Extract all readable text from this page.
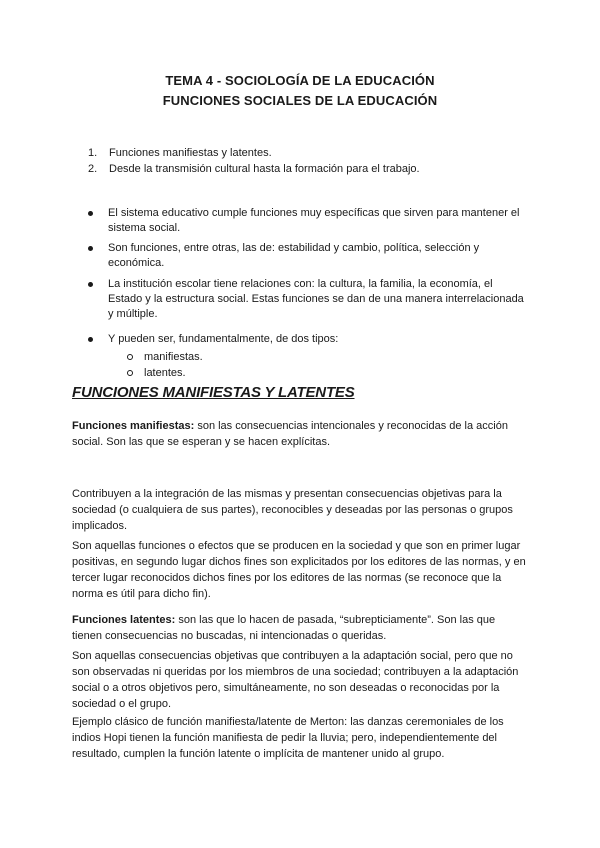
TEMA 4 - SOCIOLOGÍA DE LA EDUCACIÓN
FUNCIONES SOCIALES DE LA EDUCACIÓN
1.	Funciones manifiestas y latentes.
2.	Desde la transmisión cultural hasta la formación para el trabajo.
El sistema educativo cumple funciones muy específicas que sirven para mantener el sistema social.
Son funciones, entre otras, las de: estabilidad y cambio, política, selección y económica.
La institución escolar tiene relaciones con: la cultura, la familia, la economía, el Estado y la estructura social. Estas funciones se dan de una manera interrelacionada y múltiple.
Y pueden ser, fundamentalmente, de dos tipos:
manifiestas.
latentes.
FUNCIONES MANIFIESTAS Y LATENTES
Funciones manifiestas: son las consecuencias intencionales y reconocidas de la acción social. Son las que se esperan y se hacen explícitas.
Contribuyen a la integración de las mismas y presentan consecuencias objetivas para la sociedad (o cualquiera de sus partes), reconocibles y deseadas por las personas o grupos implicados.
Son aquellas funciones o efectos que se producen en la sociedad y que son en primer lugar positivas, en segundo lugar dichos fines son explicitados por los editores de las normas, y en tercer lugar reconocidos dichos fines por los editores de las normas (se reconoce que la norma es útil para dicho fin).
Funciones latentes: son las que lo hacen de pasada, “subrepticiamente”. Son las que tienen consecuencias no buscadas, ni intencionadas o queridas.
Son aquellas consecuencias objetivas que contribuyen a la adaptación social, pero que no son observadas ni queridas por los miembros de una sociedad; contribuyen a la adaptación social o a otros objetivos pero, simultáneamente, no son deseadas o reconocidas por la sociedad o el grupo.
Ejemplo clásico de función manifiesta/latente de Merton: las danzas ceremoniales de los indios Hopi tienen la función manifiesta de pedir la lluvia; pero, independientemente del resultado, cumplen la función latente o implícita de mantener unido al grupo.
